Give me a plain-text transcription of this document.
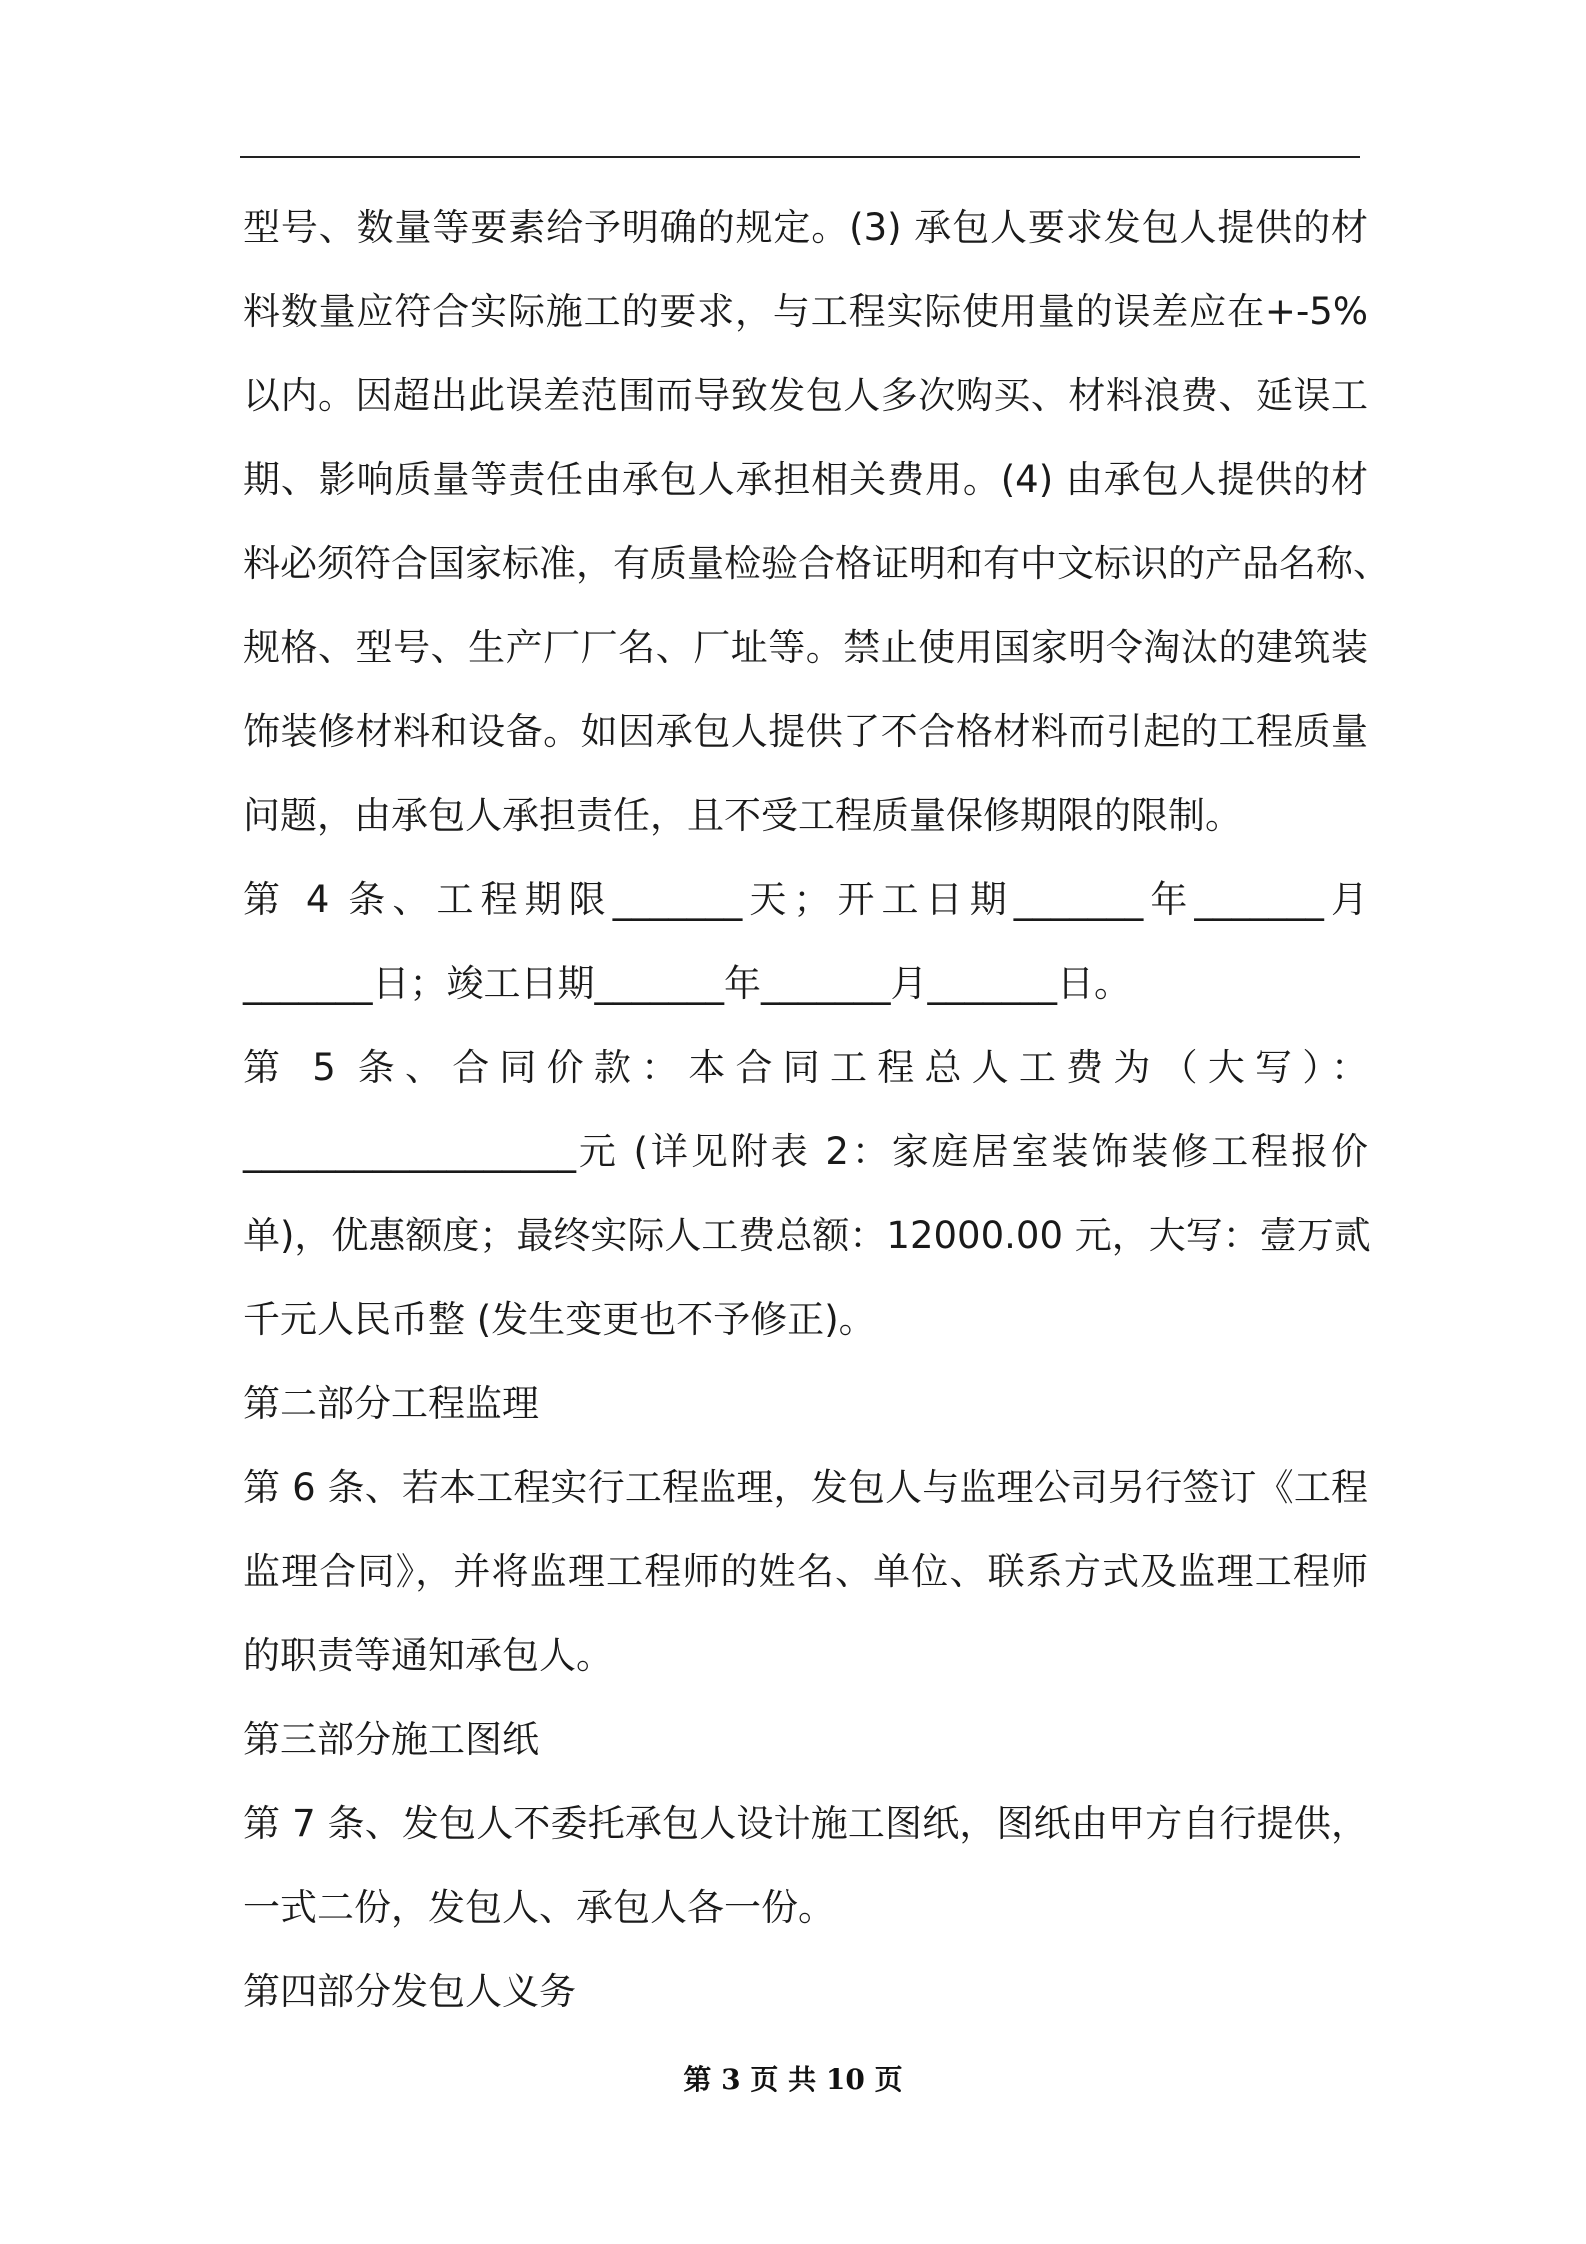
型号、数量等要素给予明确的规定。(3) 承包人要求发包人提供的材
料数量应符合实际施工的要求，与工程实际使用量的误差应在+-5%
以内。因超出此误差范围而导致发包人多次购买、材料浪费、延误工
期、影响质量等责任由承包人承担相关费用。(4) 由承包人提供的材
料必须符合国家标准，有质量检验合格证明和有中文标识的产品名称、
规格、型号、生产厂厂名、厂址等。禁止使用国家明令淘汰的建筑装
饰装修材料和设备。如因承包人提供了不合格材料而引起的工程质量
问题，由承包人承担责任，且不受工程质量保修期限的限制。
第 4 条、工程期限_______天；开工日期_______年_______月
_______日；竣工日期_______年_______月_______日。
第 5 条、合同价款：本合同工程总人工费为（大写）：
__________________元 (详见附表 2：家庭居室装饰装修工程报价
单)，优惠额度；最终实际人工费总额：12000.00 元，大写：壹万贰
千元人民币整 (发生变更也不予修正)。
第二部分工程监理
第 6 条、若本工程实行工程监理，发包人与监理公司另行签订《工程
监理合同》，并将监理工程师的姓名、单位、联系方式及监理工程师
的职责等通知承包人。
第三部分施工图纸
第 7 条、发包人不委托承包人设计施工图纸，图纸由甲方自行提供，
一式二份，发包人、承包人各一份。
第四部分发包人义务
第 3 页 共 10 页
